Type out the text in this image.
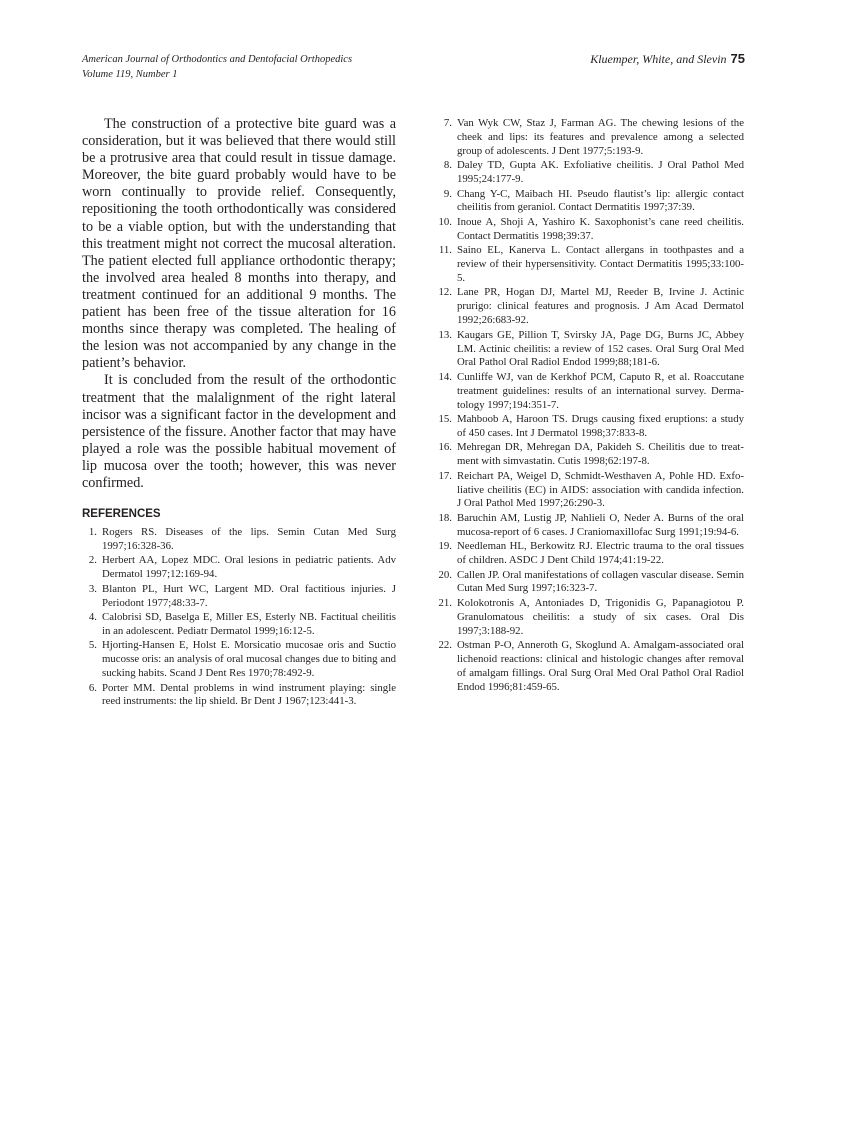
American Journal of Orthodontics and Dentofacial Orthopedics
Volume 119, Number 1
Kluemper, White, and Slevin 75

The construction of a protective bite guard was a consideration, but it was believed that there would still be a protrusive area that could result in tissue damage. Moreover, the bite guard probably would have to be worn continually to provide relief. Consequently, repositioning the tooth orthodontically was considered to be a viable option, but with the understanding that this treatment might not correct the mucosal alteration. The patient elected full appliance orthodontic therapy; the involved area healed 8 months into therapy, and treatment continued for an additional 9 months. The patient has been free of the tissue alteration for 16 months since therapy was completed. The healing of the lesion was not accompanied by any change in the patient’s behavior.

It is concluded from the result of the orthodontic treatment that the malalignment of the right lateral incisor was a significant factor in the development and persistence of the fissure. Another factor that may have played a role was the possible habitual movement of lip mucosa over the tooth; however, this was never confirmed.

REFERENCES
1. Rogers RS. Diseases of the lips. Semin Cutan Med Surg 1997;16:328-36.
2. Herbert AA, Lopez MDC. Oral lesions in pediatric patients. Adv Dermatol 1997;12:169-94.
3. Blanton PL, Hurt WC, Largent MD. Oral factitious injuries. J Periodont 1977;48:33-7.
4. Calobrisi SD, Baselga E, Miller ES, Esterly NB. Factitual cheilitis in an adolescent. Pediatr Dermatol 1999;16:12-5.
5. Hjorting-Hansen E, Holst E. Morsicatio mucosae oris and Suctio mucosse oris: an analysis of oral mucosal changes due to biting and sucking habits. Scand J Dent Res 1970;78:492-9.
6. Porter MM. Dental problems in wind instrument playing: single reed instruments: the lip shield. Br Dent J 1967;123:441-3.
7. Van Wyk CW, Staz J, Farman AG. The chewing lesions of the cheek and lips: its features and prevalence among a selected group of adolescents. J Dent 1977;5:193-9.
8. Daley TD, Gupta AK. Exfoliative cheilitis. J Oral Pathol Med 1995;24:177-9.
9. Chang Y-C, Maibach HI. Pseudo flautist’s lip: allergic contact cheilitis from geraniol. Contact Dermatitis 1997;37:39.
10. Inoue A, Shoji A, Yashiro K. Saxophonist’s cane reed cheilitis. Contact Dermatitis 1998;39:37.
11. Saino EL, Kanerva L. Contact allergans in toothpastes and a review of their hypersensitivity. Contact Dermatitis 1995;33:100-5.
12. Lane PR, Hogan DJ, Martel MJ, Reeder B, Irvine J. Actinic prurigo: clinical features and prognosis. J Am Acad Dermatol 1992;26:683-92.
13. Kaugars GE, Pillion T, Svirsky JA, Page DG, Burns JC, Abbey LM. Actinic cheilitis: a review of 152 cases. Oral Surg Oral Med Oral Pathol Oral Radiol Endod 1999;88;181-6.
14. Cunliffe WJ, van de Kerkhof PCM, Caputo R, et al. Roaccutane treatment guidelines: results of an international survey. Dermatology 1997;194:351-7.
15. Mahboob A, Haroon TS. Drugs causing fixed eruptions: a study of 450 cases. Int J Dermatol 1998;37:833-8.
16. Mehregan DR, Mehregan DA, Pakideh S. Cheilitis due to treatment with simvastatin. Cutis 1998;62:197-8.
17. Reichart PA, Weigel D, Schmidt-Westhaven A, Pohle HD. Exfoliative cheilitis (EC) in AIDS: association with candida infection. J Oral Pathol Med 1997;26:290-3.
18. Baruchin AM, Lustig JP, Nahlieli O, Neder A. Burns of the oral mucosa-report of 6 cases. J Craniomaxillofac Surg 1991;19:94-6.
19. Needleman HL, Berkowitz RJ. Electric trauma to the oral tissues of children. ASDC J Dent Child 1974;41:19-22.
20. Callen JP. Oral manifestations of collagen vascular disease. Semin Cutan Med Surg 1997;16:323-7.
21. Kolokotronis A, Antoniades D, Trigonidis G, Papanagiotou P. Granulomatous cheilitis: a study of six cases. Oral Dis 1997;3:188-92.
22. Ostman P-O, Anneroth G, Skoglund A. Amalgam-associated oral lichenoid reactions: clinical and histologic changes after removal of amalgam fillings. Oral Surg Oral Med Oral Pathol Oral Radiol Endod 1996;81:459-65.
